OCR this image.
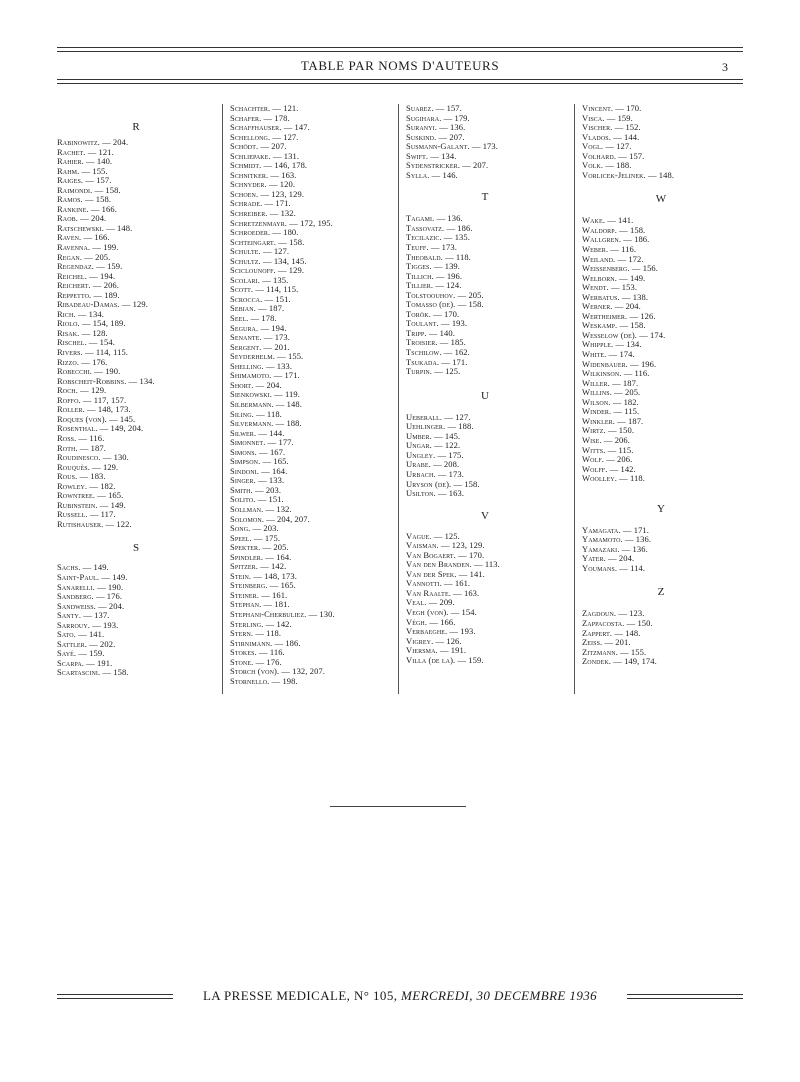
TABLE PAR NOMS D'AUTEURS	3
R
Rabinowitz. — 204.
Rachet. — 121.
Rahier. — 140.
Rahm. — 155.
Raiges. — 157.
Raimondi. — 158.
Ramos. — 158.
Rankine. — 166.
Raob. — 204.
Ratschewski. — 148.
Raven. — 166.
Ravenna. — 199.
Regan. — 205.
Regendaz. — 159.
Reichel. — 194.
Reichert. — 206.
Reppetto. — 189.
Ribadeau-Damas. — 129.
Rich. — 134.
Riolo. — 154, 189.
Risak. — 128.
Rischel. — 154.
Rivers. — 114, 115.
Rizzo. — 176.
Robecchi. — 190.
Robscheit-Robbins. — 134.
Roch. — 129.
Roffo. — 117, 157.
Roller. — 148, 173.
Roques (von). — 145.
Rosenthal. — 149, 204.
Ross. — 116.
Roth. — 187.
Roudinesco. — 130.
Rouquès. — 129.
Rous. — 183.
Rowley. — 182.
Rowntree. — 165.
Rubinstein. — 149.
Russell. — 117.
Rutishauser. — 122.
S
Sachs. — 149.
Saint-Paul. — 149.
Sanarelli. — 190.
Sandberg. — 176.
Sandweiss. — 204.
Santy. — 137.
Sarrouy. — 193.
Sato. — 141.
Sattler. — 202.
Sayé. — 159.
Scarpa. — 191.
Scartascini. — 158.
Schachter. — 121.
Schafer. — 178.
Schaffhauser. — 147.
Schellong. — 127.
Schödt. — 207.
Schliepake. — 131.
Schmidt. — 146, 178.
Schnitker. — 163.
Schnyder. — 120.
Schoen. — 123, 129.
Schrade. — 171.
Schreiber. — 132.
Schretzenmayr. — 172, 195.
Schroeder. — 180.
Schteingart. — 158.
Schulte. — 127.
Schultz. — 134, 145.
Sciclounoff. — 129.
Scolari. — 135.
Scott. — 114, 115.
Scrocca. — 151.
Sebian. — 187.
Seel. — 178.
Segura. — 194.
Senante. — 173.
Sergent. — 201.
Seyderhelm. — 155.
Shelling. — 133.
Shimamoto. — 171.
Short. — 204.
Sienkowski. — 119.
Silbermann. — 148.
Siling. — 118.
Silvermann. — 188.
Silwer. — 144.
Simonnet. — 177.
Simons. — 167.
Simpson. — 165.
Sindoni. — 164.
Singer. — 133.
Smith. — 203.
Solito. — 151.
Sollman. — 132.
Solomon. — 204, 207.
Song. — 203.
Speel. — 175.
Spekter. — 205.
Spindler. — 164.
Spitzer. — 142.
Stein. — 148, 173.
Steinberg. — 165.
Steiner. — 161.
Stephan. — 181.
Stephani-Cherbuliez. — 130.
Sterling. — 142.
Stern. — 118.
Stirnimann. — 186.
Stokes. — 116.
Stone. — 176.
Storch (von). — 132, 207.
Stornello. — 198.
Suarez. — 157.
Sugihara. — 179.
Suranyi. — 136.
Suskind. — 207.
Susmann-Galant. — 173.
Swift. — 134.
Sydenstricker. — 207.
Sylla. — 146.
T
Tagami. — 136.
Tassovatz. — 186.
Tecilazic. — 135.
Teuff. — 173.
Theobald. — 118.
Tigges. — 139.
Tillich. — 196.
Tillier. — 124.
Tolstoouhov. — 205.
Tomasso (de). — 158.
Torök. — 170.
Toulant. — 193.
Tripp. — 140.
Troisier. — 185.
Tschilow. — 162.
Tsukada. — 171.
Turpin. — 125.
U
Ueberall. — 127.
Uehlinger. — 188.
Umber. — 145.
Ungar. — 122.
Ungley. — 175.
Urabe. — 208.
Urbach. — 173.
Uryson (de). — 158.
Usilton. — 163.
V
Vague. — 125.
Vaisman. — 123, 129.
Van Bogaert. — 170.
Van den Branden. — 113.
Van der Spek. — 141.
Vannotti. — 161.
Van Raalte. — 163.
Veal. — 209.
Vegh (von). — 154.
Végh. — 166.
Verbaeghe. — 193.
Vigrey. — 126.
Viersma. — 191.
Villa (de la). — 159.
Vincent. — 170.
Visca. — 159.
Vischer. — 152.
Vlados. — 144.
Vogl. — 127.
Volhard. — 157.
Volk. — 188.
Vorlicek-Jelinek. — 148.
W
Wake. — 141.
Waldorp. — 158.
Wallgren. — 186.
Weber. — 116.
Weiland. — 172.
Weissenberg. — 156.
Welborn. — 149.
Wendt. — 153.
Werbatus. — 138.
Werner. — 204.
Wertheimer. — 126.
Weskamp. — 158.
Wesselow (de). — 174.
Whipple. — 134.
White. — 174.
Widenbauer. — 196.
Wilkinson. — 116.
Willer. — 187.
Willins. — 205.
Wilson. — 182.
Winder. — 115.
Winkler. — 187.
Wirtz. — 150.
Wise. — 206.
Witts. — 115.
Wolf. — 206.
Wolff. — 142.
Woolley. — 118.
Y
Yamagata. — 171.
Yamamoto. — 136.
Yamazaki. — 136.
Yater. — 204.
Youmans. — 114.
Z
Zagdoun. — 123.
Zappacosta. — 150.
Zappert. — 148.
Zeiss. — 201.
Zitzmann. — 155.
Zondek. — 149, 174.
LA PRESSE MEDICALE, N° 105, MERCREDI, 30 DECEMBRE 1936
